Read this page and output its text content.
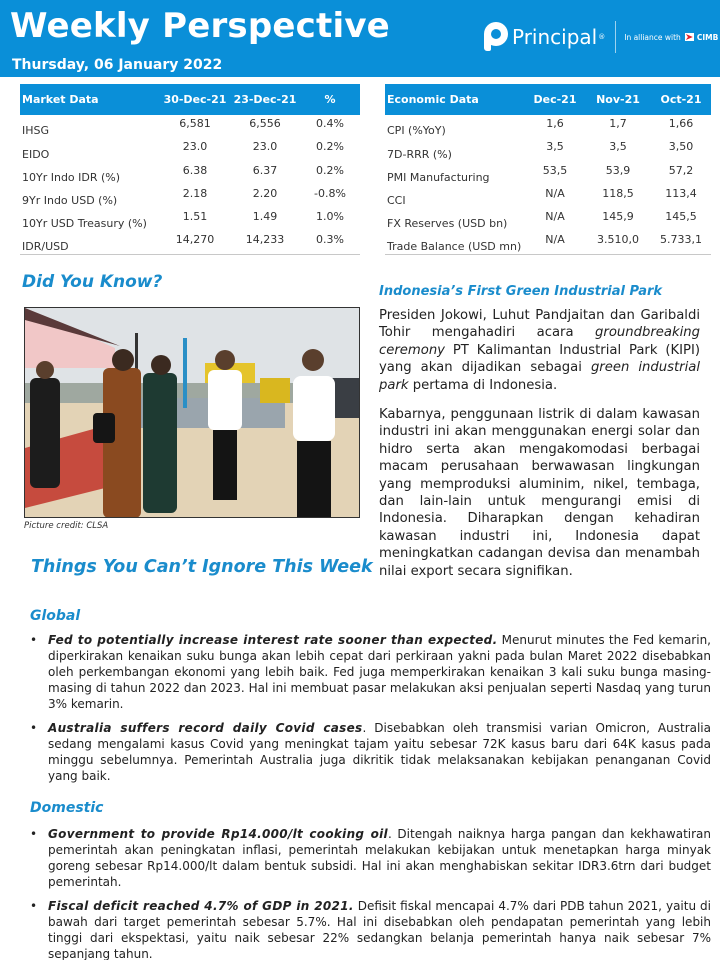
Weekly Perspective
Thursday, 06 January 2022
Principal ®	In alliance with CIMB
Market Data	30-Dec-21	23-Dec-21	%
IHSG	6,581	6,556	0.4%
EIDO	23.0	23.0	0.2%
10Yr Indo IDR (%)	6.38	6.37	0.2%
9Yr Indo USD (%)	2.18	2.20	-0.8%
10Yr USD Treasury (%)	1.51	1.49	1.0%
IDR/USD	14,270	14,233	0.3%
Economic Data	Dec-21	Nov-21	Oct-21
CPI (%YoY)	1,6	1,7	1,66
7D-RRR (%)	3,5	3,5	3,50
PMI Manufacturing	53,5	53,9	57,2
CCI	N/A	118,5	113,4
FX Reserves (USD bn)	N/A	145,9	145,5
Trade Balance (USD mn)	N/A	3.510,0	5.733,1
Did You Know?
Picture credit: CLSA
Things You Can’t Ignore This Week
Indonesia’s First Green Industrial Park

Presiden Jokowi, Luhut Pandjaitan dan Garibaldi Tohir mengahadiri acara groundbreaking ceremony PT Kalimantan Industrial Park (KIPI) yang akan dijadikan sebagai green industrial park pertama di Indonesia.

Kabarnya, penggunaan listrik di dalam kawasan industri ini akan menggunakan energi solar dan hidro serta akan mengakomodasi berbagai macam perusahaan berwawasan lingkungan yang memproduksi aluminim, nikel, tembaga, dan lain-lain untuk mengurangi emisi di Indonesia. Diharapkan dengan kehadiran kawasan industri ini, Indonesia dapat meningkatkan cadangan devisa dan menambah nilai export secara signifikan.

Global
• Fed to potentially increase interest rate sooner than expected. Menurut minutes the Fed kemarin, diperkirakan kenaikan suku bunga akan lebih cepat dari perkiraan yakni pada bulan Maret 2022 disebabkan oleh perkembangan ekonomi yang lebih baik. Fed juga memperkirakan kenaikan 3 kali suku bunga masing-masing di tahun 2022 dan 2023. Hal ini membuat pasar melakukan aksi penjualan seperti Nasdaq yang turun 3% kemarin.
• Australia suffers record daily Covid cases. Disebabkan oleh transmisi varian Omicron, Australia sedang mengalami kasus Covid yang meningkat tajam yaitu sebesar 72K kasus baru dari 64K kasus pada minggu sebelumnya. Pemerintah Australia juga dikritik tidak melaksanakan kebijakan penanganan Covid yang baik.
Domestic
• Government to provide Rp14.000/lt cooking oil. Ditengah naiknya harga pangan dan kekhawatiran pemerintah akan peningkatan inflasi, pemerintah melakukan kebijakan untuk menetapkan harga minyak goreng sebesar Rp14.000/lt dalam bentuk subsidi. Hal ini akan menghabiskan sekitar IDR3.6trn dari budget pemerintah.
• Fiscal deficit reached 4.7% of GDP in 2021. Defisit fiskal mencapai 4.7% dari PDB tahun 2021, yaitu di bawah dari target pemerintah sebesar 5.7%. Hal ini disebabkan oleh pendapatan pemerintah yang lebih tinggi dari ekspektasi, yaitu naik sebesar 22% sedangkan belanja pemerintah hanya naik sebesar 7% sepanjang tahun.
